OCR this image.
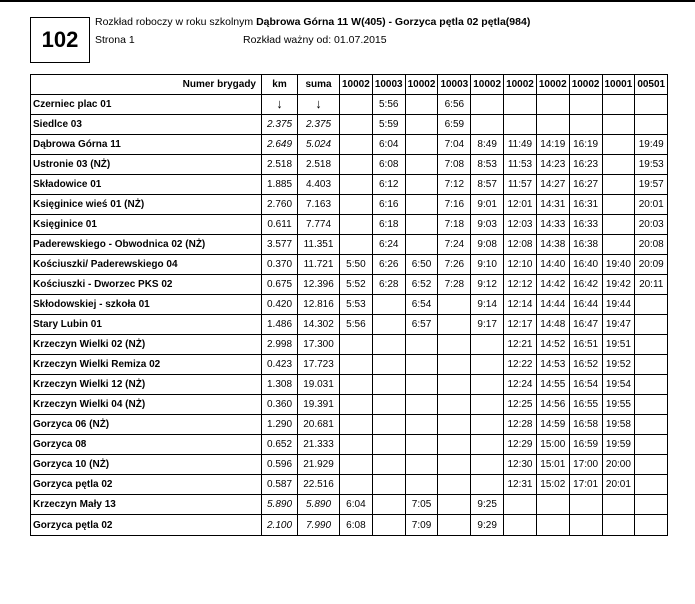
102
Rozkład roboczy w roku szkolnym Dąbrowa Górna 11 W(405) - Gorzyca pętla 02 pętla(984)
Strona 1	Rozkład ważny od: 01.07.2015
Numer brygady	km	suma	10002	10003	10002	10003	10002	10002	10002	10002	10001	00501
Czerniec plac 01	↓	↓		5:56		6:56						
Siedlce 03	2.375	2.375		5:59		6:59						
Dąbrowa Górna 11	2.649	5.024		6:04		7:04	8:49	11:49	14:19	16:19		19:49
Ustronie 03 (NŻ)	2.518	2.518		6:08		7:08	8:53	11:53	14:23	16:23		19:53
Składowice 01	1.885	4.403		6:12		7:12	8:57	11:57	14:27	16:27		19:57
Księginice wieś 01 (NŻ)	2.760	7.163		6:16		7:16	9:01	12:01	14:31	16:31		20:01
Księginice 01	0.611	7.774		6:18		7:18	9:03	12:03	14:33	16:33		20:03
Paderewskiego - Obwodnica 02 (NŻ)	3.577	11.351		6:24		7:24	9:08	12:08	14:38	16:38		20:08
Kościuszki/ Paderewskiego 04	0.370	11.721	5:50	6:26	6:50	7:26	9:10	12:10	14:40	16:40	19:40	20:09
Kościuszki - Dworzec PKS 02	0.675	12.396	5:52	6:28	6:52	7:28	9:12	12:12	14:42	16:42	19:42	20:11
Skłodowskiej - szkoła 01	0.420	12.816	5:53		6:54		9:14	12:14	14:44	16:44	19:44	
Stary Lubin 01	1.486	14.302	5:56		6:57		9:17	12:17	14:48	16:47	19:47	
Krzeczyn Wielki 02 (NŻ)	2.998	17.300						12:21	14:52	16:51	19:51	
Krzeczyn Wielki Remiza 02	0.423	17.723						12:22	14:53	16:52	19:52	
Krzeczyn Wielki 12 (NŻ)	1.308	19.031						12:24	14:55	16:54	19:54	
Krzeczyn Wielki 04 (NŻ)	0.360	19.391						12:25	14:56	16:55	19:55	
Gorzyca 06 (NŻ)	1.290	20.681						12:28	14:59	16:58	19:58	
Gorzyca 08	0.652	21.333						12:29	15:00	16:59	19:59	
Gorzyca 10 (NŻ)	0.596	21.929						12:30	15:01	17:00	20:00	
Gorzyca pętla 02	0.587	22.516						12:31	15:02	17:01	20:01	
Krzeczyn Mały 13	5.890	5.890	6:04		7:05		9:25					
Gorzyca pętla 02	2.100	7.990	6:08		7:09		9:29					
